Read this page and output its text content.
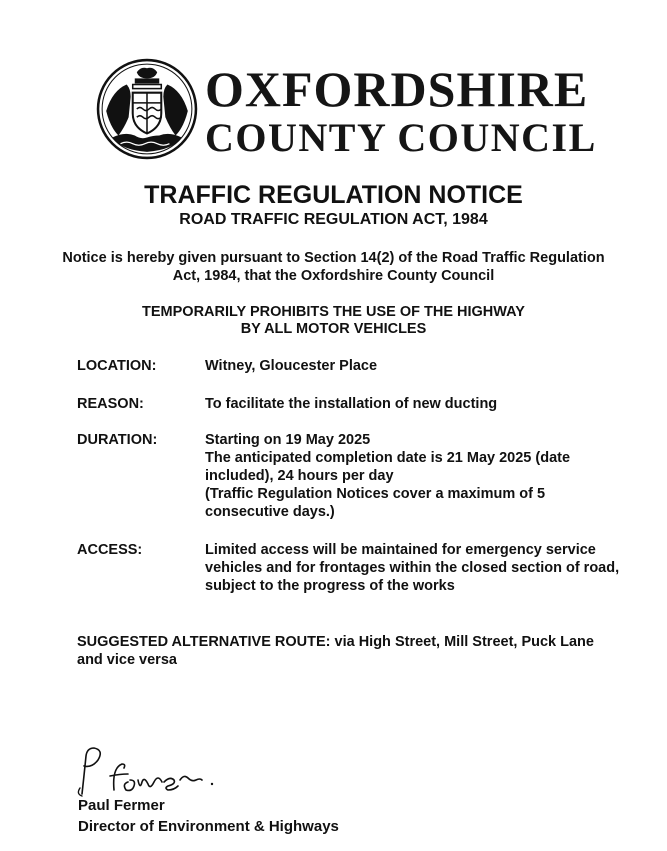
OXFORDSHIRE
COUNTY COUNCIL
TRAFFIC REGULATION NOTICE
ROAD TRAFFIC REGULATION ACT, 1984
Notice is hereby given pursuant to Section 14(2) of the Road Traffic Regulation Act, 1984, that the Oxfordshire County Council
TEMPORARILY PROHIBITS THE USE OF THE HIGHWAY
BY ALL MOTOR VEHICLES
LOCATION:	Witney, Gloucester Place
REASON:	To facilitate the installation of new ducting
DURATION:	Starting on 19 May 2025

The anticipated completion date is 21 May 2025 (date included), 24 hours per day

(Traffic Regulation Notices cover a maximum of 5 consecutive days.)

ACCESS:	Limited access will be maintained for emergency service vehicles and for frontages within the closed section of road, subject to the progress of the works
SUGGESTED ALTERNATIVE ROUTE: via High Street, Mill Street, Puck Lane and vice versa
Paul Fermer
Director of Environment & Highways
